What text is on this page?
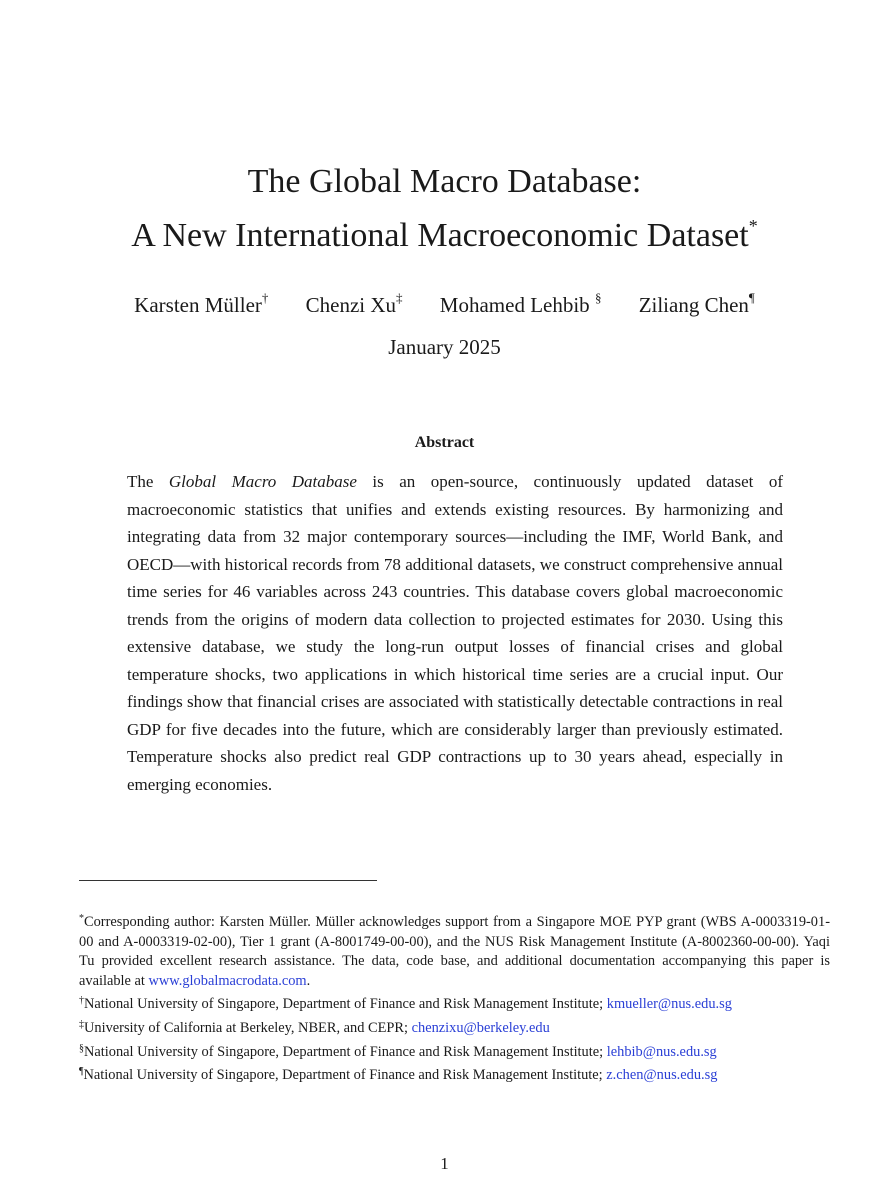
The Global Macro Database:
A New International Macroeconomic Dataset*
Karsten Müller† Chenzi Xu‡ Mohamed Lehbib § Ziliang Chen¶
January 2025
Abstract
The Global Macro Database is an open-source, continuously updated dataset of macroeconomic statistics that unifies and extends existing resources. By harmonizing and integrating data from 32 major contemporary sources—including the IMF, World Bank, and OECD—with historical records from 78 additional datasets, we construct comprehensive annual time series for 46 variables across 243 countries. This database covers global macroeconomic trends from the origins of modern data collection to projected estimates for 2030. Using this extensive database, we study the long-run output losses of financial crises and global temperature shocks, two applications in which historical time series are a crucial input. Our findings show that financial crises are associated with statistically detectable contractions in real GDP for five decades into the future, which are considerably larger than previously estimated. Temperature shocks also predict real GDP contractions up to 30 years ahead, especially in emerging economies.

*Corresponding author: Karsten Müller. Müller acknowledges support from a Singapore MOE PYP grant (WBS A-0003319-01-00 and A-0003319-02-00), Tier 1 grant (A-8001749-00-00), and the NUS Risk Management Institute (A-8002360-00-00). Yaqi Tu provided excellent research assistance. The data, code base, and additional documentation accompanying this paper is available at www.globalmacrodata.com.

†National University of Singapore, Department of Finance and Risk Management Institute; kmueller@nus.edu.sg

‡University of California at Berkeley, NBER, and CEPR; chenzixu@berkeley.edu

§National University of Singapore, Department of Finance and Risk Management Institute; lehbib@nus.edu.sg

¶National University of Singapore, Department of Finance and Risk Management Institute; z.chen@nus.edu.sg

1
